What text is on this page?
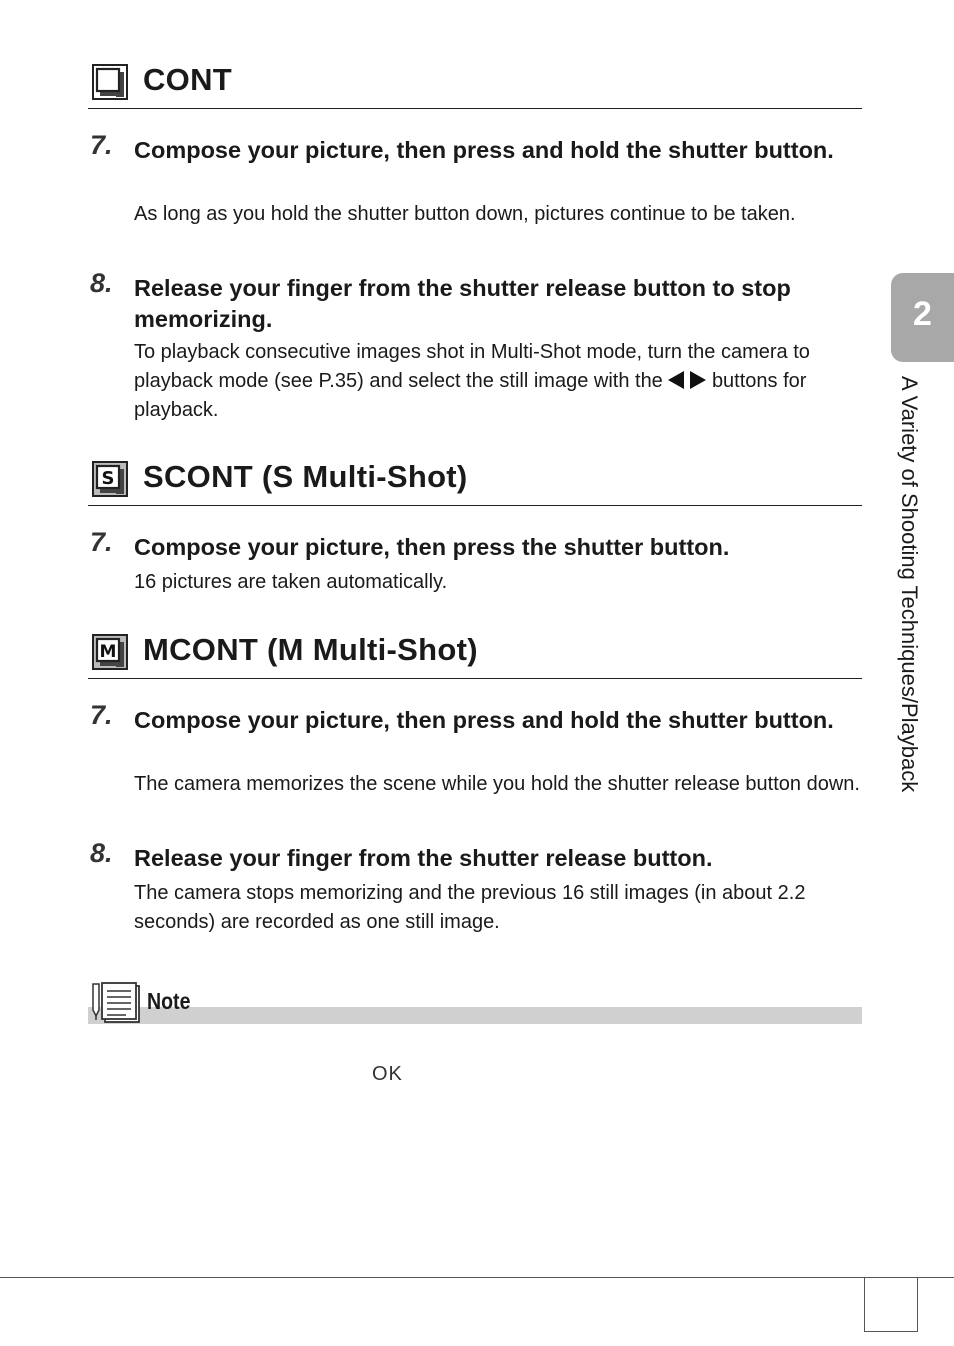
CONT
7. Compose your picture, then press and hold the shutter button.
As long as you hold the shutter button down, pictures continue to be taken.
8. Release your finger from the shutter release button to stop memorizing.
To playback consecutive images shot in Multi-Shot mode, turn the camera to playback mode (see P.35) and select the still image with the buttons for playback.
S SCONT (S Multi-Shot)
7. Compose your picture, then press the shutter button.
16 pictures are taken automatically.
M MCONT (M Multi-Shot)
7. Compose your picture, then press and hold the shutter button.
The camera memorizes the scene while you hold the shutter release button down.
8. Release your finger from the shutter release button.
The camera stops memorizing and the previous 16 still images (in about 2.2 seconds) are recorded as one still image.
2
A Variety of Shooting Techniques/Playback
Note
OK
